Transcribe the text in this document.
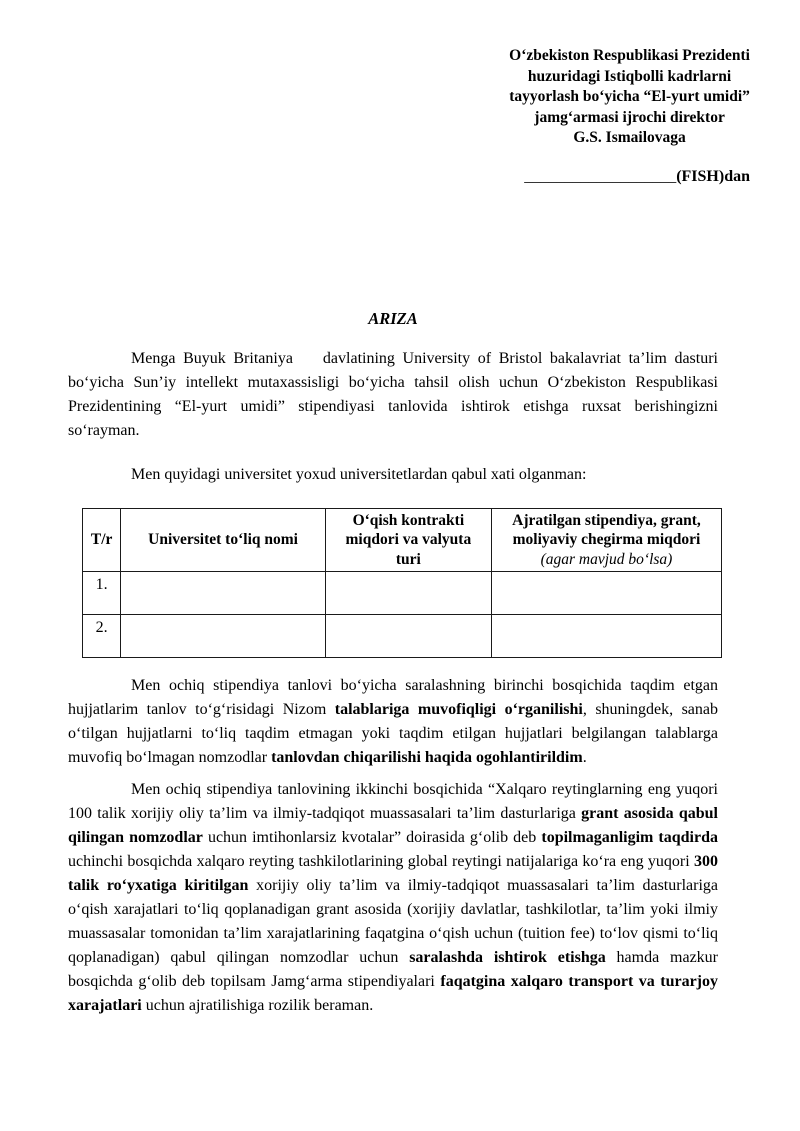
O‘zbekiston Respublikasi Prezidenti
huzuridagi Istiqbolli kadrlarni
tayyorlash bo‘yicha “El-yurt umidi”
jamg‘armasi ijrochi direktor
G.S. Ismailovaga
___________________(FISH)dan
ARIZA

Menga Buyuk Britaniya davlatining University of Bristol bakalavriat ta’lim dasturi bo‘yicha Sun’iy intellekt mutaxassisligi bo‘yicha tahsil olish uchun O‘zbekiston Respublikasi Prezidentining “El-yurt umidi” stipendiyasi tanlovida ishtirok etishga ruxsat berishingizni so‘rayman.

Men quyidagi universitet yoxud universitetlardan qabul xati olganman:

T/r	Universitet to‘liq nomi	O‘qish kontrakti miqdori va valyuta turi	Ajratilgan stipendiya, grant, moliyaviy chegirma miqdori
(agar mavjud bo‘lsa)

1.			
2.			

Men ochiq stipendiya tanlovi bo‘yicha saralashning birinchi bosqichida taqdim etgan hujjatlarim tanlov to‘g‘risidagi Nizom talablariga muvofiqligi o‘rganilishi, shuningdek, sanab o‘tilgan hujjatlarni to‘liq taqdim etmagan yoki taqdim etilgan hujjatlari belgilangan talablarga muvofiq bo‘lmagan nomzodlar tanlovdan chiqarilishi haqida ogohlantirildim.

Men ochiq stipendiya tanlovining ikkinchi bosqichida “Xalqaro reytinglarning eng yuqori 100 talik xorijiy oliy ta’lim va ilmiy-tadqiqot muassasalari ta’lim dasturlariga grant asosida qabul qilingan nomzodlar uchun imtihonlarsiz kvotalar” doirasida g‘olib deb topilmaganligim taqdirda uchinchi bosqichda xalqaro reyting tashkilotlarining global reytingi natijalariga ko‘ra eng yuqori 300 talik ro‘yxatiga kiritilgan xorijiy oliy ta’lim va ilmiy-tadqiqot muassasalari ta’lim dasturlariga o‘qish xarajatlari to‘liq qoplanadigan grant asosida (xorijiy davlatlar, tashkilotlar, ta’lim yoki ilmiy muassasalar tomonidan ta’lim xarajatlarining faqatgina o‘qish uchun (tuition fee) to‘lov qismi to‘liq qoplanadigan) qabul qilingan nomzodlar uchun saralashda ishtirok etishga hamda mazkur bosqichda g‘olib deb topilsam Jamg‘arma stipendiyalari faqatgina xalqaro transport va turarjoy xarajatlari uchun ajratilishiga rozilik beraman.
